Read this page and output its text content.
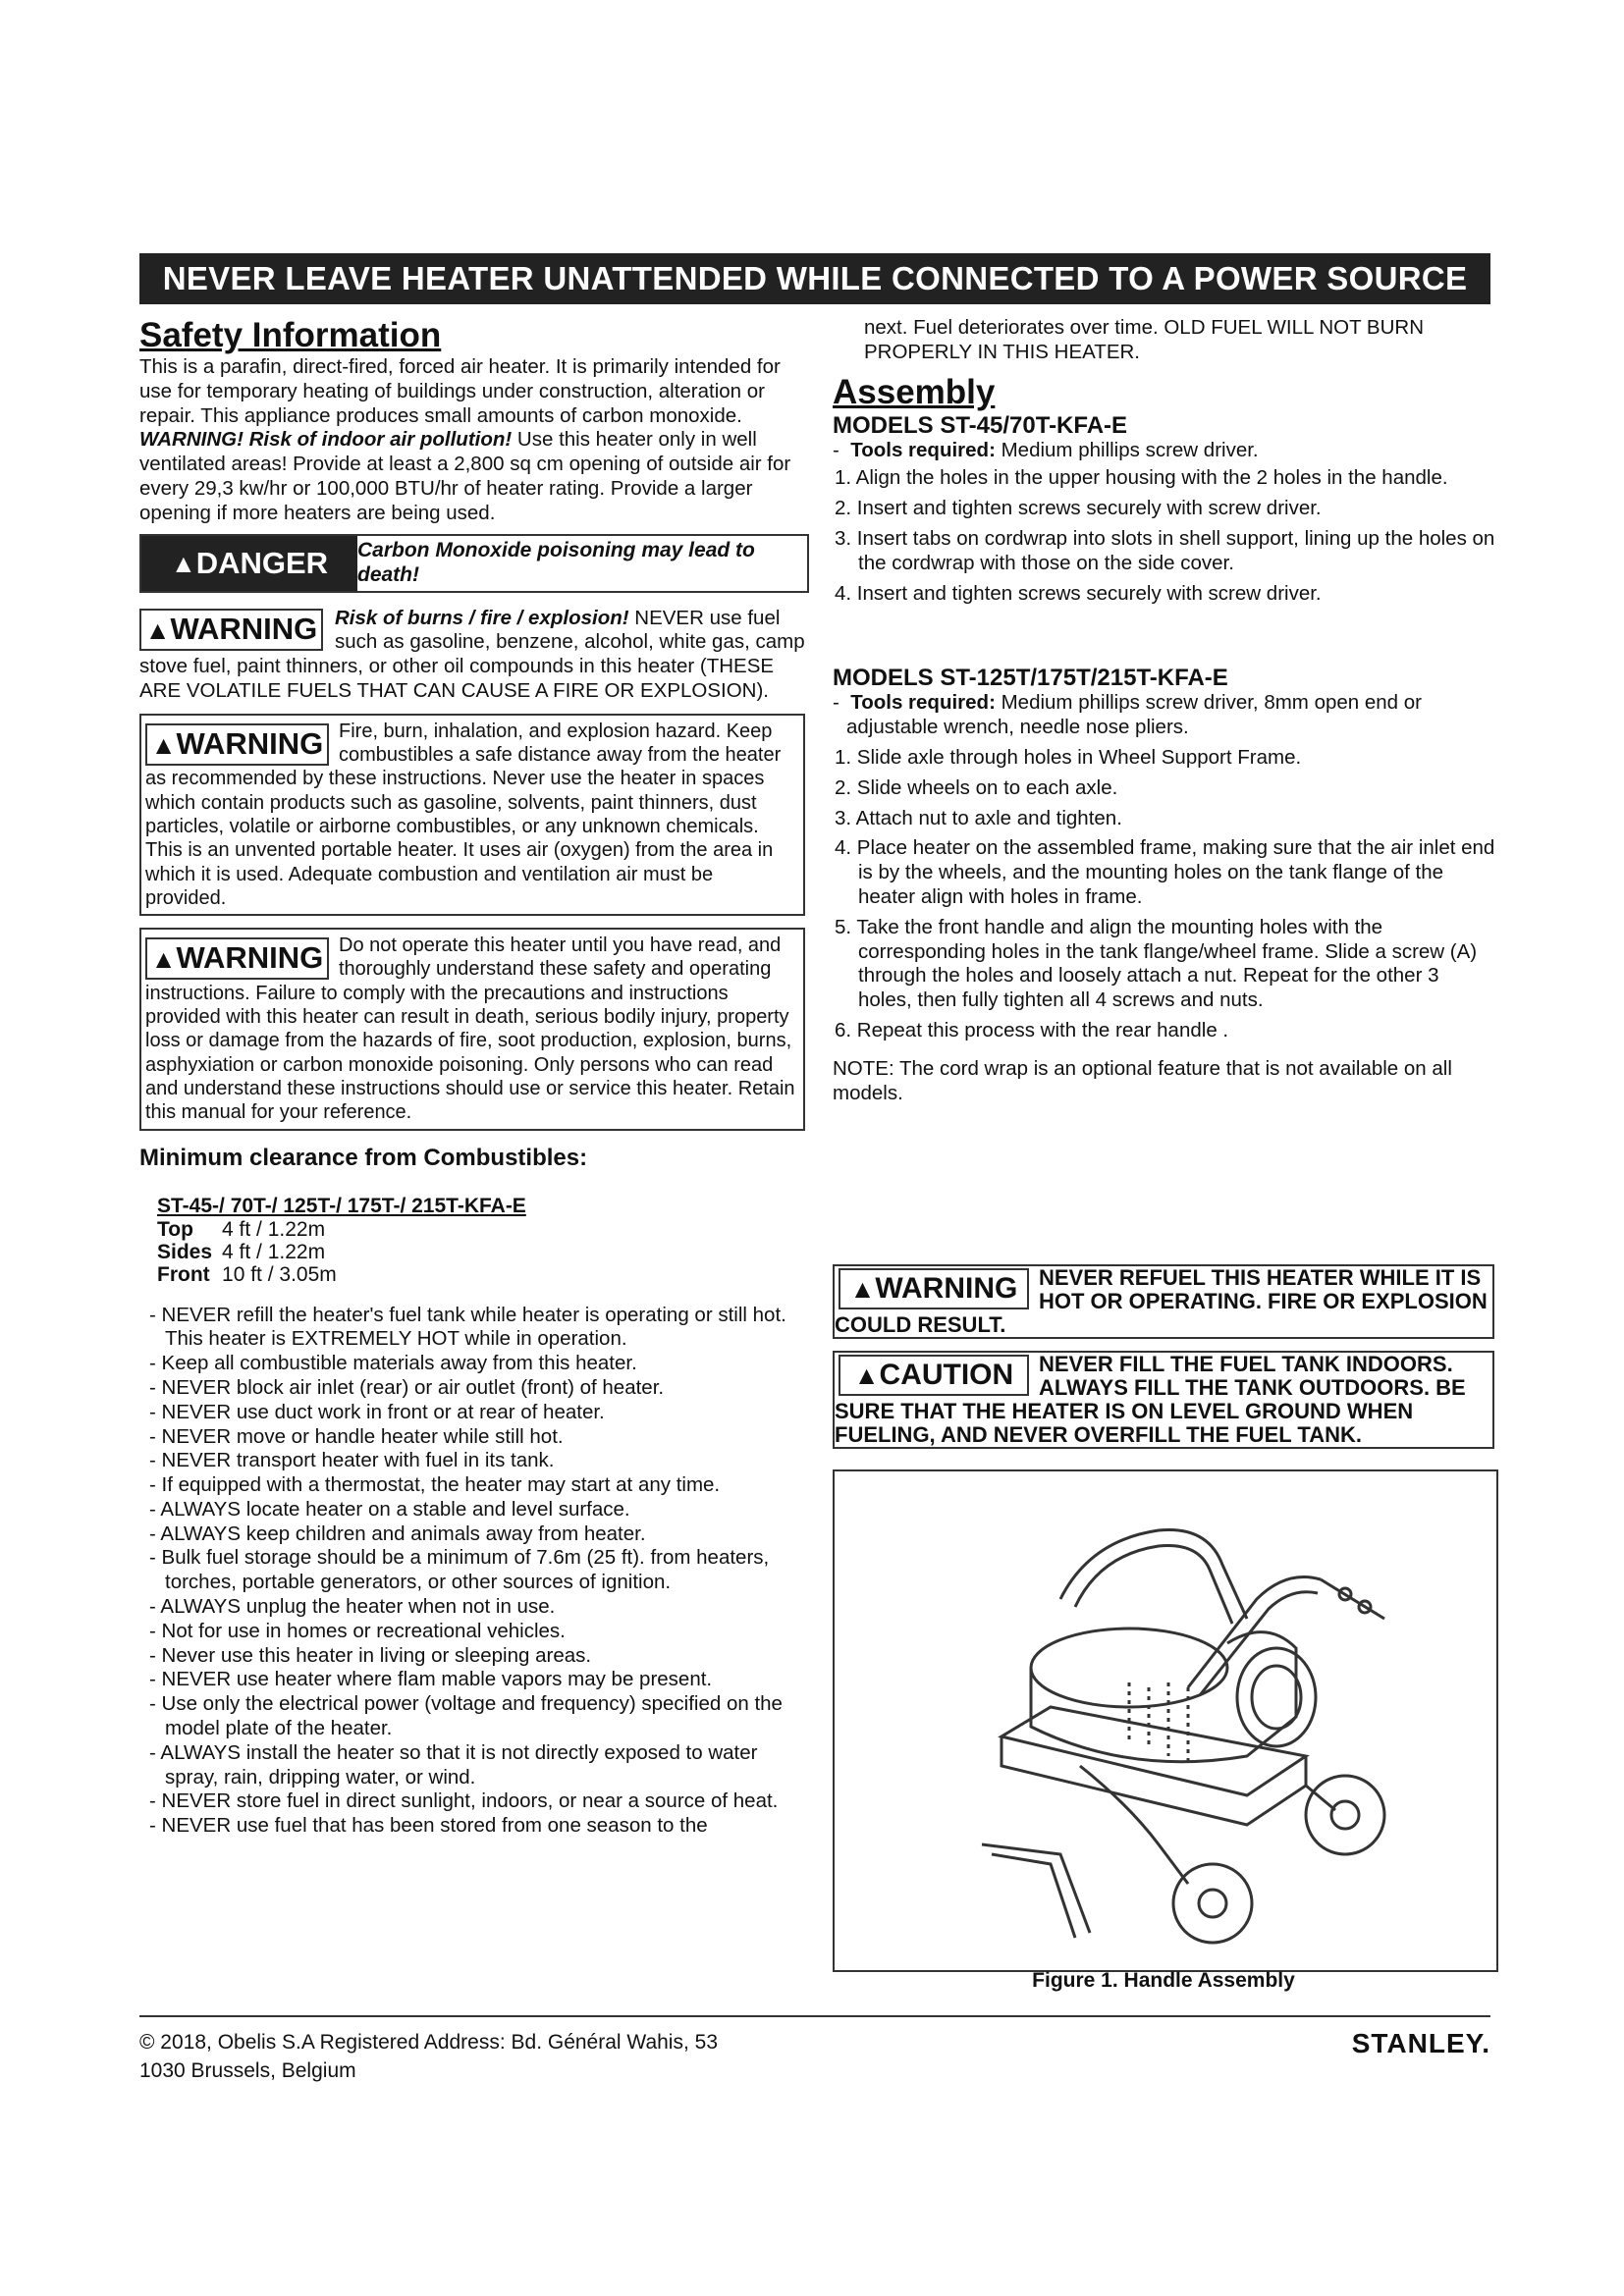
NEVER LEAVE HEATER UNATTENDED WHILE CONNECTED TO A POWER SOURCE
Safety Information

This is a parafin, direct-fired, forced air heater. It is primarily intended for use for temporary heating of buildings under construction, alteration or repair. This appliance produces small amounts of carbon monoxide. WARNING! Risk of indoor air pollution! Use this heater only in well ventilated areas! Provide at least a 2,800 sq cm opening of outside air for every 29,3 kw/hr or 100,000 BTU/hr of heater rating. Provide a larger opening if more heaters are being used.

▲ DANGER Carbon Monoxide poisoning may lead to death!
▲WARNING Risk of burns / fire / explosion! NEVER use fuel such as gasoline, benzene, alcohol, white gas, camp stove fuel, paint thinners, or other oil compounds in this heater (THESE ARE VOLATILE FUELS THAT CAN CAUSE A FIRE OR EXPLOSION).
▲WARNING Fire, burn, inhalation, and explosion hazard. Keep combustibles a safe distance away from the heater as recommended by these instructions. Never use the heater in spaces which contain products such as gasoline, solvents, paint thinners, dust particles, volatile or airborne combustibles, or any unknown chemicals. This is an unvented portable heater. It uses air (oxygen) from the area in which it is used. Adequate combustion and ventilation air must be provided.
▲WARNING Do not operate this heater until you have read, and thoroughly understand these safety and operating instructions. Failure to comply with the precautions and instructions provided with this heater can result in death, serious bodily injury, property loss or damage from the hazards of fire, soot production, explosion, burns, asphyxiation or carbon monoxide poisoning. Only persons who can read and understand these instructions should use or service this heater. Retain this manual for your reference.
Minimum clearance from Combustibles:
ST-45-/ 70T-/ 125T-/ 175T-/ 215T-KFA-E
Top	4 ft / 1.22m
Sides	4 ft / 1.22m
Front	10 ft / 3.05m
- NEVER refill the heater's fuel tank while heater is operating or still hot. This heater is EXTREMELY HOT while in operation.
- Keep all combustible materials away from this heater.
- NEVER block air inlet (rear) or air outlet (front) of heater.
- NEVER use duct work in front or at rear of heater.
- NEVER move or handle heater while still hot.
- NEVER transport heater with fuel in its tank.
- If equipped with a thermostat, the heater may start at any time.
- ALWAYS locate heater on a stable and level surface.
- ALWAYS keep children and animals away from heater.
- Bulk fuel storage should be a minimum of 7.6m (25 ft). from heaters, torches, portable generators, or other sources of ignition.
- ALWAYS unplug the heater when not in use.
- Not for use in homes or recreational vehicles.
- Never use this heater in living or sleeping areas.
- NEVER use heater where flam mable vapors may be present.
- Use only the electrical power (voltage and frequency) specified on the model plate of the heater.
- ALWAYS install the heater so that it is not directly exposed to water spray, rain, dripping water, or wind.
- NEVER store fuel in direct sunlight, indoors, or near a source of heat.
- NEVER use fuel that has been stored from one season to the

next. Fuel deteriorates over time. OLD FUEL WILL NOT BURN PROPERLY IN THIS HEATER.

Assembly
MODELS ST-45/70T-KFA-E

-  Tools required: Medium phillips screw driver.

1. Align the holes in the upper housing with the 2 holes in the handle.
2. Insert and tighten screws securely with screw driver.
3. Insert tabs on cordwrap into slots in shell support, lining up the holes on the cordwrap with those on the side cover.
4. Insert and tighten screws securely with screw driver.
MODELS ST-125T/175T/215T-KFA-E

-  Tools required: Medium phillips screw driver, 8mm open end or adjustable wrench, needle nose pliers.

1. Slide axle through holes in Wheel Support Frame.
2. Slide wheels on to each axle.
3. Attach nut to axle and tighten.
4. Place heater on the assembled frame, making sure that the air inlet end is by the wheels, and the mounting holes on the tank flange of the heater align with holes in frame.
5. Take the front handle and align the mounting holes with the corresponding holes in the tank flange/wheel frame. Slide a screw (A) through the holes and loosely attach a nut. Repeat for the other 3 holes, then fully tighten all 4 screws and nuts.
6. Repeat this process with the rear handle .

NOTE: The cord wrap is an optional feature that is not available on all models.

▲WARNING NEVER REFUEL THIS HEATER WHILE IT IS HOT OR OPERATING. FIRE OR EXPLOSION COULD RESULT.
▲CAUTION	NEVER FILL THE FUEL TANK INDOORS. ALWAYS FILL THE TANK OUTDOORS. BE SURE THAT THE HEATER IS ON LEVEL GROUND WHEN FUELING, AND NEVER OVERFILL THE FUEL TANK.
Figure 1. Handle Assembly
© 2018, Obelis S.A Registered Address: Bd. Général Wahis, 53
1030 Brussels, Belgium
STANLEY.
